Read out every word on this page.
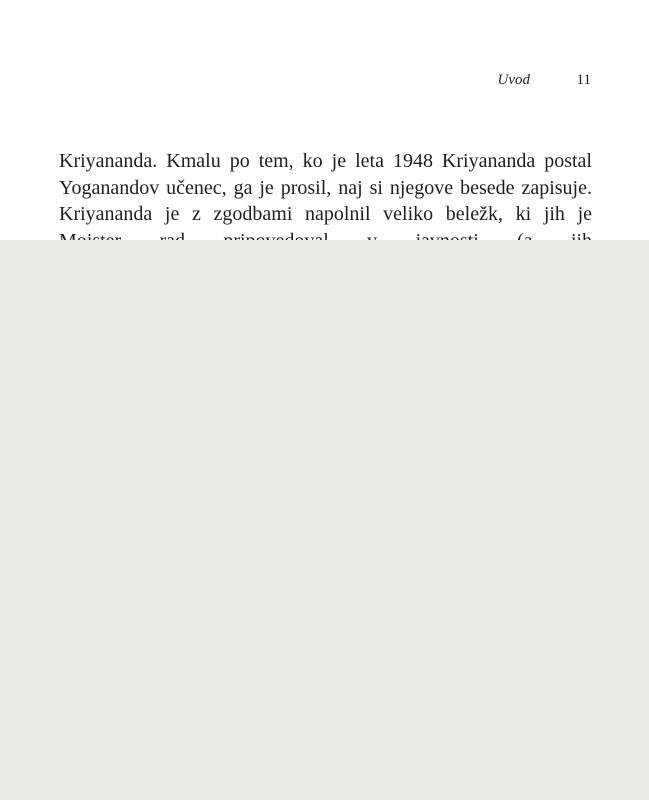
Uvod	11
Kriyananda. Kmalu po tem, ko je leta 1948 Kriyananda postal
Yoganandov učenec, ga je prosil, naj si njegove besede zapisuje.
Kriyananda je z zgodbami napolnil veliko beležk, ki jih je
